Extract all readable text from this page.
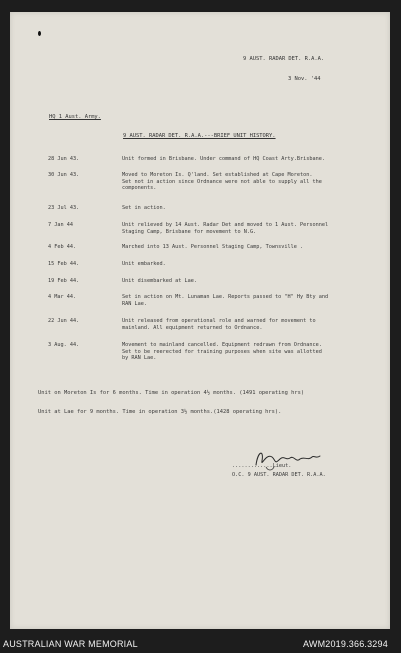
9 AUST. RADAR DET. R.A.A.
3 Nov. '44
HQ 1 Aust. Army.
9 AUST. RADAR DET. R.A.A.---BRIEF UNIT HISTORY.
28 Jun 43.	Unit formed in Brisbane. Under command of HQ Coast Arty.Brisbane.
30 Jun 43.	Moved to Moreton Is. Q'land. Set established at Cape Moreton.
Set not in action since Ordnance were not able to supply all the
components.
23 Jul 43.	Set in action.
7 Jan 44	Unit relieved by 14 Aust. Radar Det and moved to 1 Aust. Personnel
Staging Camp, Brisbane for movement to N.G.
4 Feb 44.	Marched into 13 Aust. Personnel Staging Camp, Townsville .
15 Feb 44.	Unit embarked.
19 Feb 44.	Unit disembarked at Lae.
4 Mar 44.	Set in action on Mt. Lunaman Lae. Reports passed to "H" Hy Bty and
RAN Lae.
22 Jun 44.	Unit released from operational role and warned for movement to
mainland. All equipment returned to Ordnance.
3 Aug. 44.	Movement to mainland cancelled. Equipment redrawn from Ordnance.
Set to be reerected for training purposes when site was allotted
by RAN Lae.
Unit on Moreton Is for 6 months. Time in operation 4½ months. (1491 operating hrs)
Unit at Lae for 9 months. Time in operation 3½ months.(1428 operating hrs).
.............Lieut.
O.C. 9 AUST. RADAR DET. R.A.A.
AUSTRALIAN WAR MEMORIAL	AWM2019.366.3294
